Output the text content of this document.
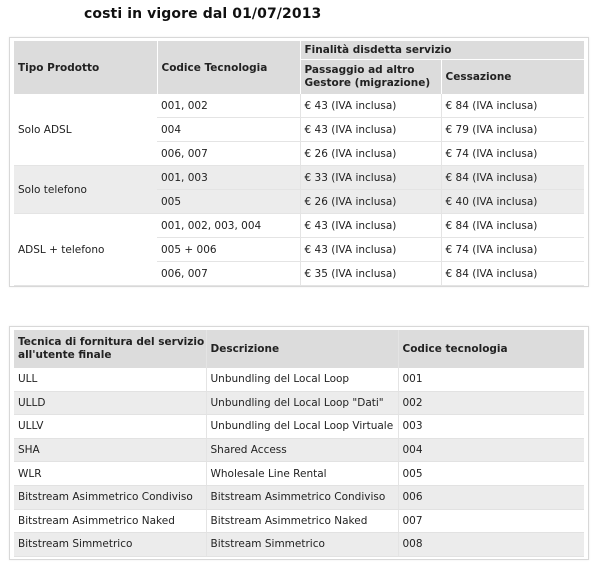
costi in vigore dal 01/07/2013
Tipo Prodotto	Codice Tecnologia	Finalità disdetta servizio	
		Passaggio ad altro Gestore (migrazione)	Cessazione
Solo ADSL	001, 002	€ 43 (IVA inclusa)	€ 84 (IVA inclusa)
	004	€ 43 (IVA inclusa)	€ 79 (IVA inclusa)
	006, 007	€ 26 (IVA inclusa)	€ 74 (IVA inclusa)
Solo telefono	001, 003	€ 33 (IVA inclusa)	€ 84 (IVA inclusa)
	005	€ 26 (IVA inclusa)	€ 40 (IVA inclusa)
ADSL + telefono	001, 002, 003, 004	€ 43 (IVA inclusa)	€ 84 (IVA inclusa)
	005 + 006	€ 43 (IVA inclusa)	€ 74 (IVA inclusa)
	006, 007	€ 35 (IVA inclusa)	€ 84 (IVA inclusa)
Tecnica di fornitura del servizio all'utente finale	Descrizione	Codice tecnologia
ULL	Unbundling del Local Loop	001
ULLD	Unbundling del Local Loop "Dati"	002
ULLV	Unbundling del Local Loop Virtuale	003
SHA	Shared Access	004
WLR	Wholesale Line Rental	005
Bitstream Asimmetrico Condiviso	Bitstream Asimmetrico Condiviso	006
Bitstream Asimmetrico Naked	Bitstream Asimmetrico Naked	007
Bitstream Simmetrico	Bitstream Simmetrico	008
